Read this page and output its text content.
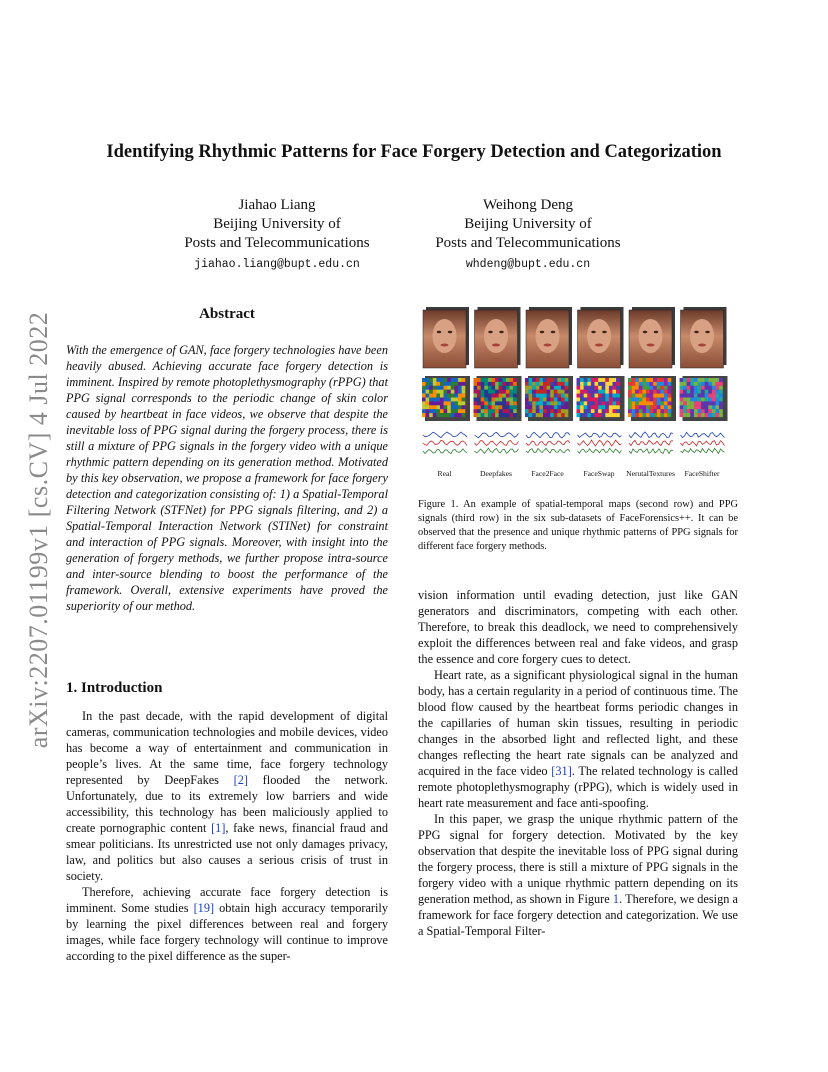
arXiv:2207.01199v1 [cs.CV] 4 Jul 2022
Identifying Rhythmic Patterns for Face Forgery Detection and Categorization
Jiahao Liang
Beijing University of
Posts and Telecommunications
jiahao.liang@bupt.edu.cn
Weihong Deng
Beijing University of
Posts and Telecommunications
whdeng@bupt.edu.cn
Abstract
With the emergence of GAN, face forgery technologies have been heavily abused. Achieving accurate face forgery detection is imminent. Inspired by remote photoplethysmography (rPPG) that PPG signal corresponds to the periodic change of skin color caused by heartbeat in face videos, we observe that despite the inevitable loss of PPG signal during the forgery process, there is still a mixture of PPG signals in the forgery video with a unique rhythmic pattern depending on its generation method. Motivated by this key observation, we propose a framework for face forgery detection and categorization consisting of: 1) a Spatial-Temporal Filtering Network (STFNet) for PPG signals filtering, and 2) a Spatial-Temporal Interaction Network (STINet) for constraint and interaction of PPG signals. Moreover, with insight into the generation of forgery methods, we further propose intra-source and inter-source blending to boost the performance of the framework. Overall, extensive experiments have proved the superiority of our method.
1. Introduction

In the past decade, with the rapid development of digital cameras, communication technologies and mobile devices, video has become a way of entertainment and communication in people’s lives. At the same time, face forgery technology represented by DeepFakes [2] flooded the network. Unfortunately, due to its extremely low barriers and wide accessibility, this technology has been maliciously applied to create pornographic content [1], fake news, financial fraud and smear politicians. Its unrestricted use not only damages privacy, law, and politics but also causes a serious crisis of trust in society.

Therefore, achieving accurate face forgery detection is imminent. Some studies [19] obtain high accuracy temporarily by learning the pixel differences between real and forgery images, while face forgery technology will continue to improve according to the pixel difference as the super-

Real	Deepfakes	Face2Face	FaceSwap NerutalTextures FaceShifter
Figure 1. An example of spatial-temporal maps (second row) and PPG signals (third row) in the six sub-datasets of FaceForensics++. It can be observed that the presence and unique rhythmic patterns of PPG signals for different face forgery methods.

vision information until evading detection, just like GAN generators and discriminators, competing with each other. Therefore, to break this deadlock, we need to comprehensively exploit the differences between real and fake videos, and grasp the essence and core forgery cues to detect.

Heart rate, as a significant physiological signal in the human body, has a certain regularity in a period of continuous time. The blood flow caused by the heartbeat forms periodic changes in the capillaries of human skin tissues, resulting in periodic changes in the absorbed light and reflected light, and these changes reflecting the heart rate signals can be analyzed and acquired in the face video [31]. The related technology is called remote photoplethysmography (rPPG), which is widely used in heart rate measurement and face anti-spoofing.

In this paper, we grasp the unique rhythmic pattern of the PPG signal for forgery detection. Motivated by the key observation that despite the inevitable loss of PPG signal during the forgery process, there is still a mixture of PPG signals in the forgery video with a unique rhythmic pattern depending on its generation method, as shown in Figure 1. Therefore, we design a framework for face forgery detection and categorization. We use a Spatial-Temporal Filter-
